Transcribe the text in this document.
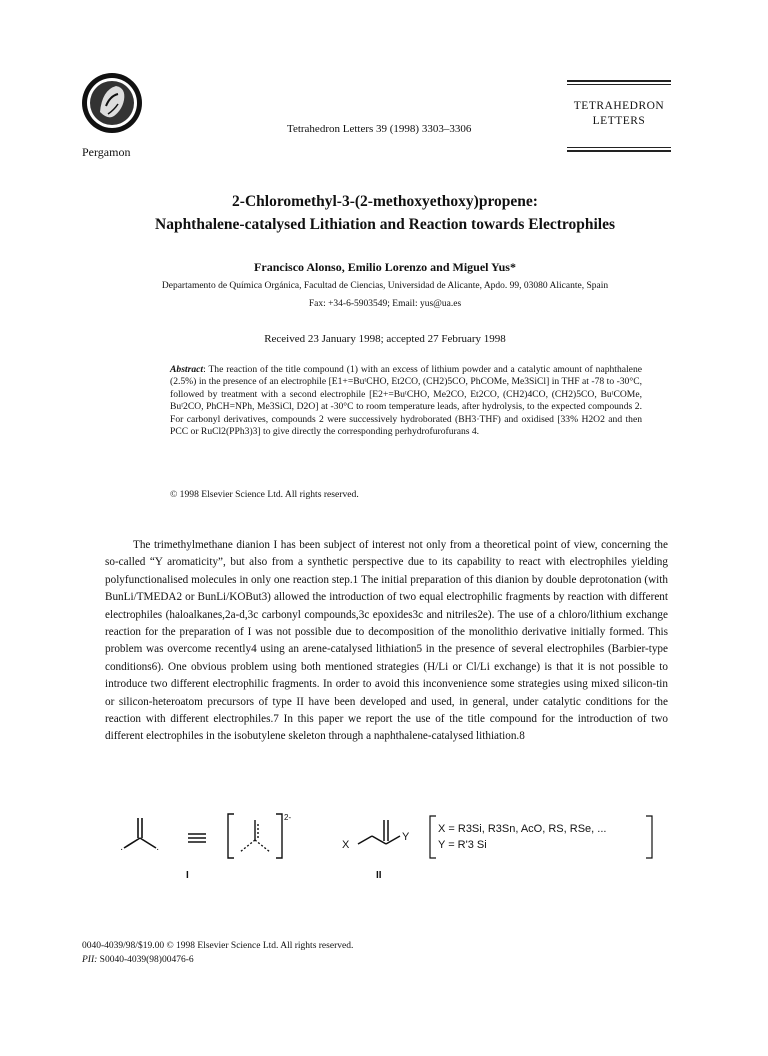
Pergamon
Tetrahedron Letters 39 (1998) 3303–3306
TETRAHEDRON
LETTERS
2-Chloromethyl-3-(2-methoxyethoxy)propene:
Naphthalene-catalysed Lithiation and Reaction towards Electrophiles
Francisco Alonso, Emilio Lorenzo and Miguel Yus*
Departamento de Química Orgánica, Facultad de Ciencias, Universidad de Alicante, Apdo. 99, 03080 Alicante, Spain
Fax: +34-6-5903549; Email: yus@ua.es
Received 23 January 1998; accepted 27 February 1998
Abstract: The reaction of the title compound (1) with an excess of lithium powder and a catalytic amount of naphthalene (2.5%) in the presence of an electrophile [E1+=BuᵗCHO, Et2CO, (CH2)5CO, PhCOMe, Me3SiCl] in THF at -78 to -30°C, followed by treatment with a second electrophile [E2+=BuᵗCHO, Me2CO, Et2CO, (CH2)4CO, (CH2)5CO, BuᵗCOMe, Buᵗ2CO, PhCH=NPh, Me3SiCl, D2O] at -30°C to room temperature leads, after hydrolysis, to the expected compounds 2. For carbonyl derivatives, compounds 2 were successively hydroborated (BH3·THF) and oxidised [33% H2O2 and then PCC or RuCl2(PPh3)3] to give directly the corresponding perhydrofurofurans 4.
© 1998 Elsevier Science Ltd. All rights reserved.
The trimethylmethane dianion I has been subject of interest not only from a theoretical point of view, concerning the so-called “Y aromaticity”, but also from a synthetic perspective due to its capability to react with electrophiles yielding polyfunctionalised molecules in only one reaction step.1 The initial preparation of this dianion by double deprotonation (with BunLi/TMEDA2 or BunLi/KOBut3) allowed the introduction of two equal electrophilic fragments by reaction with different electrophiles (haloalkanes,2a-d,3c carbonyl compounds,3c epoxides3c and nitriles2e). The use of a chloro/lithium exchange reaction for the preparation of I was not possible due to decomposition of the monolithio derivative initially formed. This problem was overcome recently4 using an arene-catalysed lithiation5 in the presence of several electrophiles (Barbier-type conditions6). One obvious problem using both mentioned strategies (H/Li or Cl/Li exchange) is that it is not possible to introduce two different electrophilic fragments. In order to avoid this inconvenience some strategies using mixed silicon-tin or silicon-heteroatom precursors of type II have been developed and used, in general, under catalytic conditions for the reaction with different electrophiles.7 In this paper we report the use of the title compound for the introduction of two different electrophiles in the isobutylene skeleton through a naphthalene-catalysed lithiation.8
·	·
2-
X
Y
X = R3Si, R3Sn, AcO, RS, RSe, ...
Y = R'3 Si
I	II
0040-4039/98/$19.00 © 1998 Elsevier Science Ltd. All rights reserved.
PII: S0040-4039(98)00476-6
